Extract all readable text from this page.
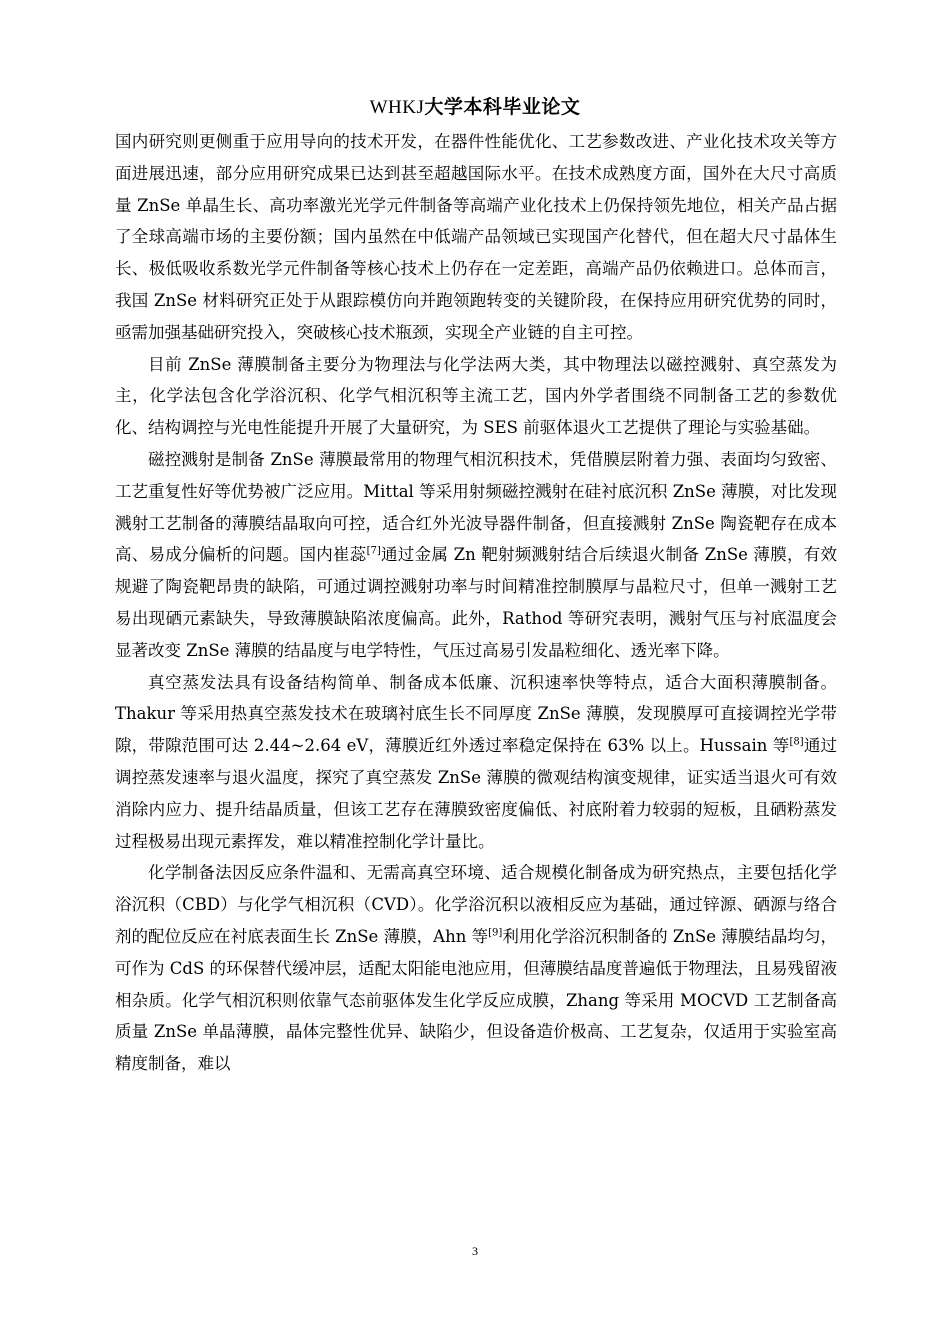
WHKJ大学本科毕业论文

国内研究则更侧重于应用导向的技术开发，在器件性能优化、工艺参数改进、产业化技术攻关等方面进展迅速，部分应用研究成果已达到甚至超越国际水平。在技术成熟度方面，国外在大尺寸高质量 ZnSe 单晶生长、高功率激光光学元件制备等高端产业化技术上仍保持领先地位，相关产品占据了全球高端市场的主要份额；国内虽然在中低端产品领域已实现国产化替代，但在超大尺寸晶体生长、极低吸收系数光学元件制备等核心技术上仍存在一定差距，高端产品仍依赖进口。总体而言，我国 ZnSe 材料研究正处于从跟踪模仿向并跑领跑转变的关键阶段，在保持应用研究优势的同时，亟需加强基础研究投入，突破核心技术瓶颈，实现全产业链的自主可控。

目前 ZnSe 薄膜制备主要分为物理法与化学法两大类，其中物理法以磁控溅射、真空蒸发为主，化学法包含化学浴沉积、化学气相沉积等主流工艺，国内外学者围绕不同制备工艺的参数优化、结构调控与光电性能提升开展了大量研究，为 SES 前驱体退火工艺提供了理论与实验基础。

磁控溅射是制备 ZnSe 薄膜最常用的物理气相沉积技术，凭借膜层附着力强、表面均匀致密、工艺重复性好等优势被广泛应用。Mittal 等采用射频磁控溅射在硅衬底沉积 ZnSe 薄膜，对比发现溅射工艺制备的薄膜结晶取向可控，适合红外光波导器件制备，但直接溅射 ZnSe 陶瓷靶存在成本高、易成分偏析的问题。国内崔蕊[7]通过金属 Zn 靶射频溅射结合后续退火制备 ZnSe 薄膜，有效规避了陶瓷靶昂贵的缺陷，可通过调控溅射功率与时间精准控制膜厚与晶粒尺寸，但单一溅射工艺易出现硒元素缺失，导致薄膜缺陷浓度偏高。此外，Rathod 等研究表明，溅射气压与衬底温度会显著改变 ZnSe 薄膜的结晶度与电学特性，气压过高易引发晶粒细化、透光率下降。

真空蒸发法具有设备结构简单、制备成本低廉、沉积速率快等特点，适合大面积薄膜制备。Thakur 等采用热真空蒸发技术在玻璃衬底生长不同厚度 ZnSe 薄膜，发现膜厚可直接调控光学带隙，带隙范围可达 2.44~2.64 eV，薄膜近红外透过率稳定保持在 63% 以上。Hussain 等[8]通过调控蒸发速率与退火温度，探究了真空蒸发 ZnSe 薄膜的微观结构演变规律，证实适当退火可有效消除内应力、提升结晶质量，但该工艺存在薄膜致密度偏低、衬底附着力较弱的短板，且硒粉蒸发过程极易出现元素挥发，难以精准控制化学计量比。

化学制备法因反应条件温和、无需高真空环境、适合规模化制备成为研究热点，主要包括化学浴沉积（CBD）与化学气相沉积（CVD）。化学浴沉积以液相反应为基础，通过锌源、硒源与络合剂的配位反应在衬底表面生长 ZnSe 薄膜，Ahn 等[9]利用化学浴沉积制备的 ZnSe 薄膜结晶均匀，可作为 CdS 的环保替代缓冲层，适配太阳能电池应用，但薄膜结晶度普遍低于物理法，且易残留液相杂质。化学气相沉积则依靠气态前驱体发生化学反应成膜，Zhang 等采用 MOCVD 工艺制备高质量 ZnSe 单晶薄膜，晶体完整性优异、缺陷少，但设备造价极高、工艺复杂，仅适用于实验室高精度制备，难以

3
